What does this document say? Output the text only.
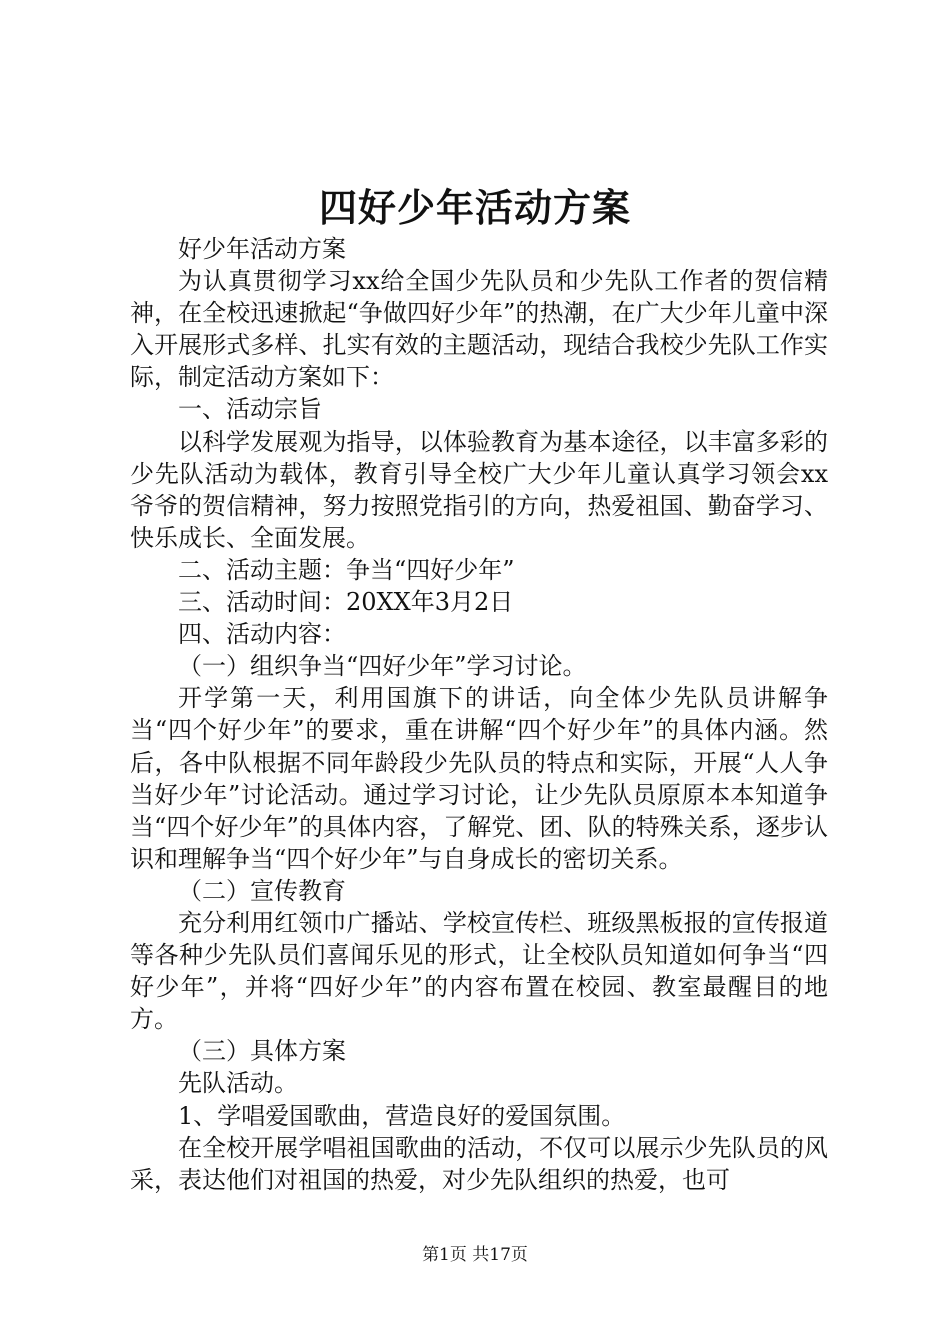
四好少年活动方案

好少年活动方案

为认真贯彻学习xx给全国少先队员和少先队工作者的贺信精神，在全校迅速掀起“争做四好少年”的热潮，在广大少年儿童中深入开展形式多样、扎实有效的主题活动，现结合我校少先队工作实际，制定活动方案如下：

一、活动宗旨

以科学发展观为指导，以体验教育为基本途径，以丰富多彩的少先队活动为载体，教育引导全校广大少年儿童认真学习领会xx爷爷的贺信精神，努力按照党指引的方向，热爱祖国、勤奋学习、快乐成长、全面发展。

二、活动主题：争当“四好少年”

三、活动时间：20XX年3月2日

四、活动内容：

（一）组织争当“四好少年”学习讨论。

开学第一天，利用国旗下的讲话，向全体少先队员讲解争当“四个好少年”的要求，重在讲解“四个好少年”的具体内涵。然后，各中队根据不同年龄段少先队员的特点和实际，开展“人人争当好少年”讨论活动。通过学习讨论，让少先队员原原本本知道争当“四个好少年”的具体内容，了解党、团、队的特殊关系，逐步认识和理解争当“四个好少年”与自身成长的密切关系。

（二）宣传教育

充分利用红领巾广播站、学校宣传栏、班级黑板报的宣传报道等各种少先队员们喜闻乐见的形式，让全校队员知道如何争当“四好少年”，并将“四好少年”的内容布置在校园、教室最醒目的地方。

（三）具体方案

先队活动。

1、学唱爱国歌曲，营造良好的爱国氛围。

在全校开展学唱祖国歌曲的活动，不仅可以展示少先队员的风采，表达他们对祖国的热爱，对少先队组织的热爱，也可

第1页 共17页
